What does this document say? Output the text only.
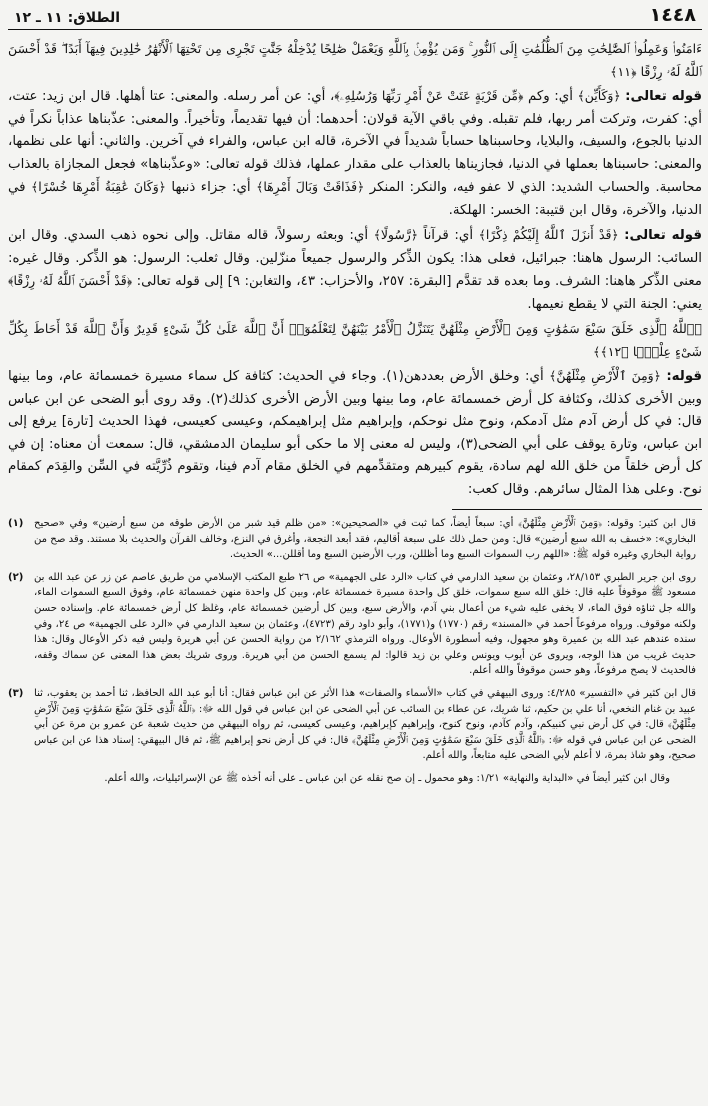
١٤٤٨
الطلاق: ١١ ـ ١٢

ءَامَنُوا۟ وَعَمِلُوا۟ ٱلصَّٰلِحَٰتِ مِنَ ٱلظُّلُمَٰتِ إِلَى ٱلنُّورِ ۚ وَمَن يُؤْمِنۢ بِٱللَّهِ وَيَعْمَلْ صَٰلِحًا يُدْخِلْهُ جَنَّٰتٍ تَجْرِى مِن تَحْتِهَا ٱلْأَنْهَٰرُ خَٰلِدِينَ فِيهَآ أَبَدًا ۖ قَدْ أَحْسَنَ ٱللَّهُ لَهُۥ رِزْقًا ﴿١١﴾

قوله تعالى: ﴿وَكَأَيِّن﴾ أي: وكم ﴿مِّن قَرْيَةٍ عَتَتْ عَنْ أَمْرِ رَبِّهَا وَرُسُلِهِۦ﴾، أي: عن أمر رسله. والمعنى: عتا أهلها. قال ابن زيد: عتت، أي: كفرت، وتركت أمر ربها، فلم تقبله. وفي باقي الآية قولان: أحدهما: أن فيها تقديماً، وتأخيراً. والمعنى: عذّبناها عذاباً نكراً في الدنيا بالجوع، والسيف، والبلايا، وحاسبناها حساباً شديداً في الآخرة، قاله ابن عباس، والفراء في آخرين. والثاني: أنها على نظمها، والمعنى: حاسبناها بعملها في الدنيا، فجازيناها بالعذاب على مقدار عملها، فذلك قوله تعالى: «وعذّبناها» فجعل المجازاة بالعذاب محاسبة. والحساب الشديد: الذي لا عفو فيه، والنكر: المنكر ﴿فَذَاقَتْ وَبَالَ أَمْرِهَا﴾ أي: جزاء ذنبها ﴿وَكَانَ عَٰقِبَةُ أَمْرِهَا خُسْرًا﴾ في الدنيا، والآخرة، وقال ابن قتيبة: الخسر: الهلكة.

قوله تعالى: ﴿قَدْ أَنزَلَ ٱللَّهُ إِلَيْكُمْ ذِكْرًا﴾ أي: قرآناً ﴿رَّسُولًا﴾ أي: وبعثه رسولاً، قاله مقاتل. وإلى نحوه ذهب السدي. وقال ابن السائب: الرسول هاهنا: جبرائيل، فعلى هذا: يكون الذِّكر والرسول جميعاً منزّلين. وقال ثعلب: الرسول: هو الذِّكر. وقال غيره: معنى الذِّكر هاهنا: الشرف. وما بعده قد تقدَّم [البقرة: ٢٥٧، والأحزاب: ٤٣، والتغابن: ٩] إلى قوله تعالى: ﴿قَدْ أَحْسَنَ ٱللَّهُ لَهُۥ رِزْقًا﴾ يعني: الجنة التي لا يقطع نعيمها.

﴿ٱللَّهُ ٱلَّذِى خَلَقَ سَبْعَ سَمَٰوَٰتٍ وَمِنَ ٱلْأَرْضِ مِثْلَهُنَّ يَتَنَزَّلُ ٱلْأَمْرُ بَيْنَهُنَّ لِتَعْلَمُوٓا۟ أَنَّ ٱللَّهَ عَلَىٰ كُلِّ شَىْءٍ قَدِيرٌ وَأَنَّ ٱللَّهَ قَدْ أَحَاطَ بِكُلِّ شَىْءٍ عِلْمًۢا ﴿١٢﴾﴾

قوله: ﴿وَمِنَ ٱلْأَرْضِ مِثْلَهُنَّ﴾ أي: وخلق الأرض بعددهن(١). وجاء في الحديث: كثافة كل سماء مسيرة خمسمائة عام، وما بينها وبين الأخرى كذلك، وكثافة كل أرض خمسمائة عام، وما بينها وبين الأرض الأخرى كذلك(٢). وقد روى أبو الضحى عن ابن عباس قال: في كل أرض آدم مثل آدمكم، ونوح مثل نوحكم، وإبراهيم مثل إبراهيمكم، وعيسى كعيسى، فهذا الحديث [تارة] يرفع إلى ابن عباس، وتارة يوقف على أبي الضحى(٣)، وليس له معنى إلا ما حكى أبو سليمان الدمشقي، قال: سمعت أن معناه: إن في كل أرض خلقاً من خلق الله لهم سادة، يقوم كبيرهم ومتقدِّمهم في الخلق مقام آدم فينا، وتقوم ذُرِّيَّته في السِّن والقِدَم كمقام نوح. وعلى هذا المثال سائرهم. وقال كعب:

قال ابن كثير: وقوله: ﴿وَمِنَ ٱلْأَرْضِ مِثْلَهُنَّ﴾ أي: سبعاً أيضاً، كما ثبت في «الصحيحين»: «من ظلم قيد شبر من الأرض طوقه من سبع أرضين» وفي «صحيح البخاري»: «خسف به الله سبع أرضين» قال: ومن حمل ذلك على سبعة أقاليم، فقد أبعد النجعة، وأغرق في النزع، وخالف القرآن والحديث بلا مستند. وقد صح من رواية البخاري وغيره قوله ﷺ: «اللهم رب السموات السبع وما أظللن، ورب الأرضين السبع وما أقللن...» الحديث.
(١)
روى ابن جرير الطبري ٢٨/١٥٣، وعثمان بن سعيد الدارمي في كتاب «الرد على الجهمية» ص ٢٦ طبع المكتب الإسلامي من طريق عاصم عن زر عن عبد الله بن مسعود ﷺ موقوفاً عليه قال: خلق الله سبع سموات، خلق كل واحدة مسيرة خمسمائة عام، وبين كل واحدة منهن خمسمائة عام، وفوق السبع السموات الماء، والله جل ثناؤه فوق الماء، لا يخفى عليه شيء من أعمال بني آدم، والأرض سبع، وبين كل أرضين خمسمائة عام، وغلظ كل أرض خمسمائة عام. وإسناده حسن ولكنه موقوف. ورواه مرفوعاً أحمد في «المسند» رقم (١٧٧٠) و(١٧٧١)، وأبو داود رقم (٤٧٢٣)، وعثمان بن سعيد الدارمي في «الرد على الجهمية» ص ٢٤، وفي سنده عندهم عبد الله بن عميرة وهو مجهول، وفيه أسطورة الأوعال. ورواه الترمذي ٢/١٦٢ من رواية الحسن عن أبي هريرة وليس فيه ذكر الأوعال وقال: هذا حديث غريب من هذا الوجه، ويروى عن أيوب ويونس وعلي بن زيد قالوا: لم يسمع الحسن من أبي هريرة. وروى شريك بعض هذا المعنى عن سماك وقفه، فالحديث لا يصح مرفوعاً، وهو حسن موقوفاً والله أعلم.
(٢)
قال ابن كثير في «التفسير» ٤/٢٨٥: وروى البيهقي في كتاب «الأسماء والصفات» هذا الأثر عن ابن عباس فقال: أنا أبو عبد الله الحافظ، ثنا أحمد بن يعقوب، ثنا عبيد بن غنام النخعي، أنا علي بن حكيم، ثنا شريك، عن عطاء بن السائب عن أبي الضحى عن ابن عباس في قول الله ﷻ: ﴿ٱللَّهُ ٱلَّذِى خَلَقَ سَبْعَ سَمَٰوَٰتٍ وَمِنَ ٱلْأَرْضِ مِثْلَهُنَّ﴾ قال: في كل أرض نبي كنبيكم، وآدم كآدم، ونوح كنوح، وإبراهيم كإبراهيم، وعيسى كعيسى، ثم رواه البيهقي من حديث شعبة عن عمرو بن مرة عن أبي الضحى عن ابن عباس في قوله ﷻ: ﴿ٱللَّهُ ٱلَّذِى خَلَقَ سَبْعَ سَمَٰوَٰتٍ وَمِنَ ٱلْأَرْضِ مِثْلَهُنَّ﴾ قال: في كل أرض نحو إبراهيم ﷺ، ثم قال البيهقي: إسناد هذا عن ابن عباس صحيح، وهو شاذ بمرة، لا أعلم لأبي الضحى عليه متابعاً، والله أعلم.
(٣)
وقال ابن كثير أيضاً في «البداية والنهاية» ١/٢١: وهو محمول ـ إن صح نقله عن ابن عباس ـ على أنه أخذه ﷺ عن الإسرائيليات، والله أعلم.
